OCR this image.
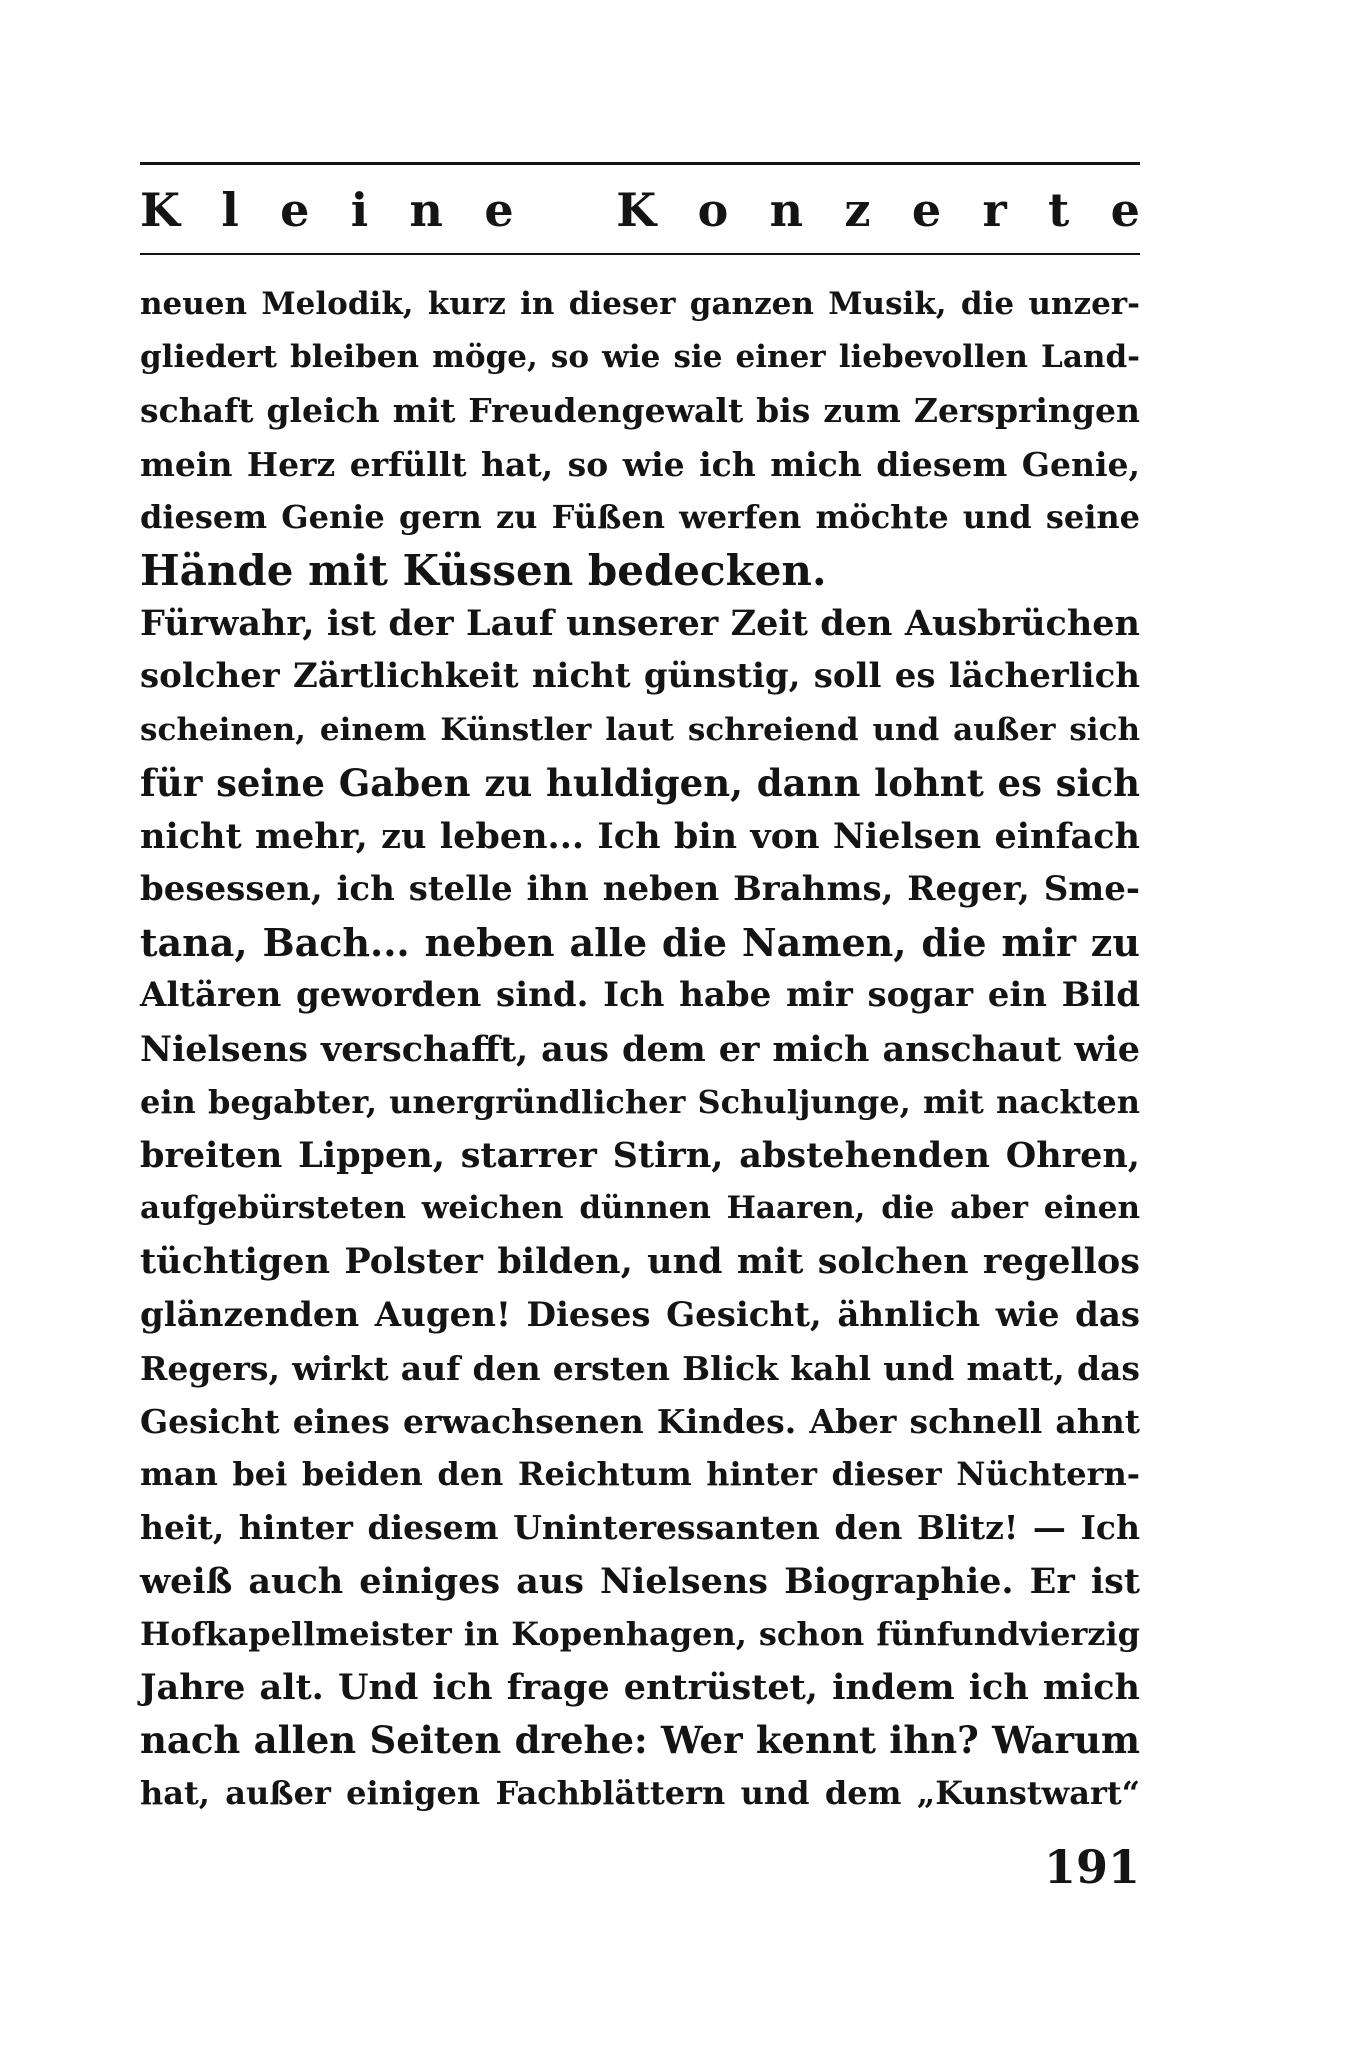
K l e i n e K o n z e r t e
neuen Melodik, kurz in dieser ganzen Musik, die unzer-
gliedert bleiben möge, so wie sie einer liebevollen Land-
schaft gleich mit Freudengewalt bis zum Zerspringen
mein Herz erfüllt hat, so wie ich mich diesem Genie,
diesem Genie gern zu Füßen werfen möchte und seine
Hände mit Küssen bedecken.
Fürwahr, ist der Lauf unserer Zeit den Ausbrüchen
solcher Zärtlichkeit nicht günstig, soll es lächerlich
scheinen, einem Künstler laut schreiend und außer sich
für seine Gaben zu huldigen, dann lohnt es sich
nicht mehr, zu leben... Ich bin von Nielsen einfach
besessen, ich stelle ihn neben Brahms, Reger, Sme-
tana, Bach... neben alle die Namen, die mir zu
Altären geworden sind. Ich habe mir sogar ein Bild
Nielsens verschafft, aus dem er mich anschaut wie
ein begabter, unergründlicher Schuljunge, mit nackten
breiten Lippen, starrer Stirn, abstehenden Ohren,
aufgebürsteten weichen dünnen Haaren, die aber einen
tüchtigen Polster bilden, und mit solchen regellos
glänzenden Augen! Dieses Gesicht, ähnlich wie das
Regers, wirkt auf den ersten Blick kahl und matt, das
Gesicht eines erwachsenen Kindes. Aber schnell ahnt
man bei beiden den Reichtum hinter dieser Nüchtern-
heit, hinter diesem Uninteressanten den Blitz! — Ich
weiß auch einiges aus Nielsens Biographie. Er ist
Hofkapellmeister in Kopenhagen, schon fünfundvierzig
Jahre alt. Und ich frage entrüstet, indem ich mich
nach allen Seiten drehe: Wer kennt ihn? Warum
hat, außer einigen Fachblättern und dem „Kunstwart“
191
